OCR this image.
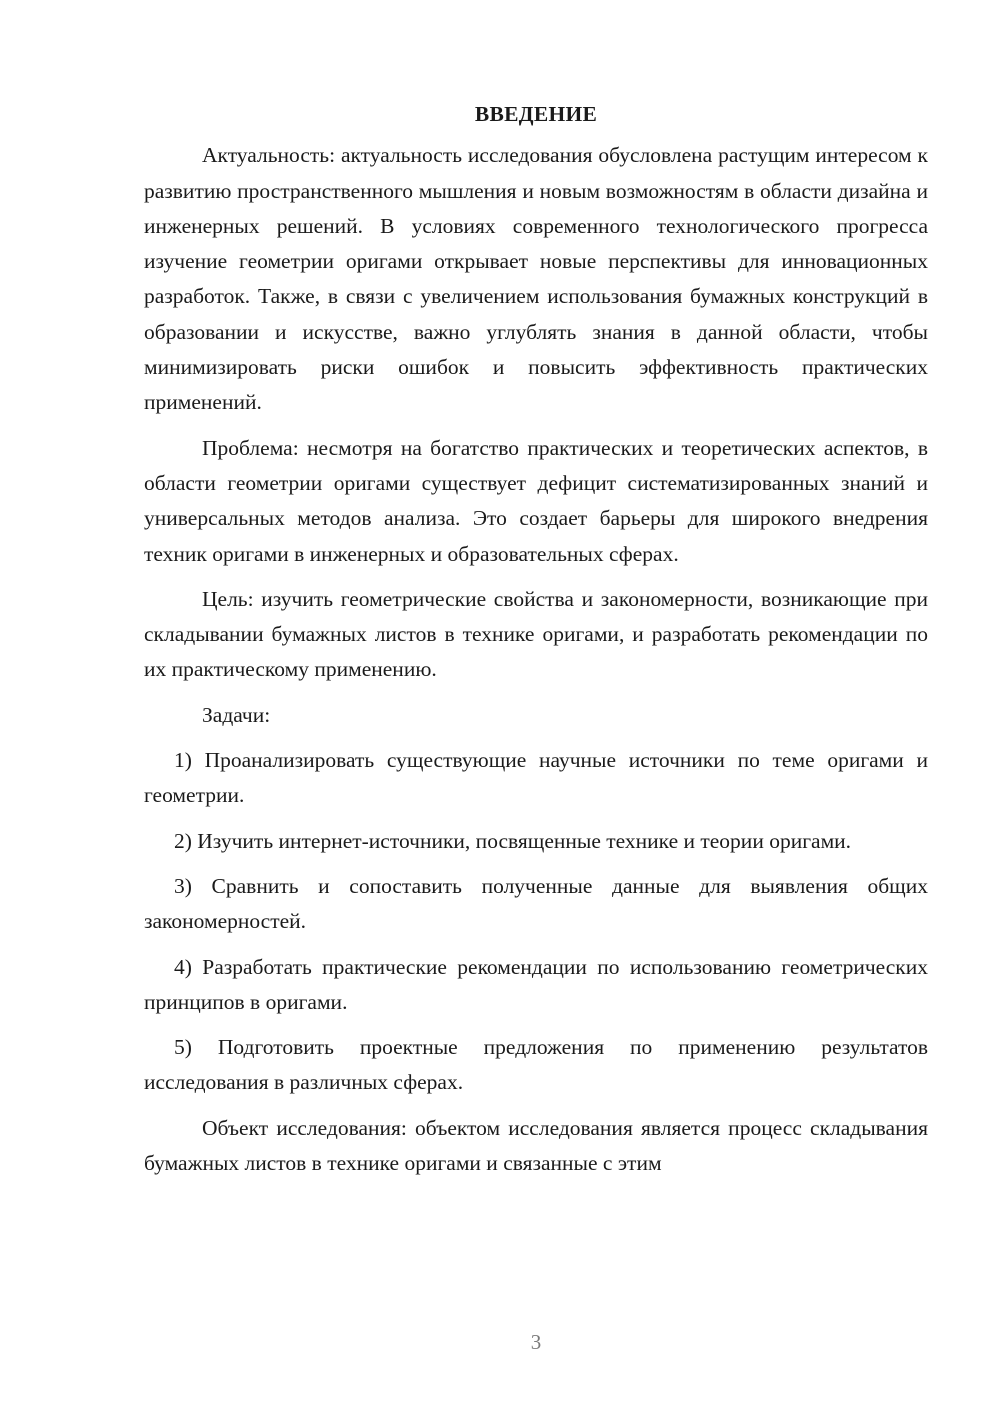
ВВЕДЕНИЕ

Актуальность: актуальность исследования обусловлена растущим интересом к развитию пространственного мышления и новым возможностям в области дизайна и инженерных решений. В условиях современного технологического прогресса изучение геометрии оригами открывает новые перспективы для инновационных разработок. Также, в связи с увеличением использования бумажных конструкций в образовании и искусстве, важно углублять знания в данной области, чтобы минимизировать риски ошибок и повысить эффективность практических применений.

Проблема: несмотря на богатство практических и теоретических аспектов, в области геометрии оригами существует дефицит систематизированных знаний и универсальных методов анализа. Это создает барьеры для широкого внедрения техник оригами в инженерных и образовательных сферах.

Цель: изучить геометрические свойства и закономерности, возникающие при складывании бумажных листов в технике оригами, и разработать рекомендации по их практическому применению.

Задачи:

1) Проанализировать существующие научные источники по теме оригами и геометрии.

2) Изучить интернет-источники, посвященные технике и теории оригами.

3) Сравнить и сопоставить полученные данные для выявления общих закономерностей.

4) Разработать практические рекомендации по использованию геометрических принципов в оригами.

5) Подготовить проектные предложения по применению результатов исследования в различных сферах.

Объект исследования: объектом исследования является процесс складывания бумажных листов в технике оригами и связанные с этим

3
